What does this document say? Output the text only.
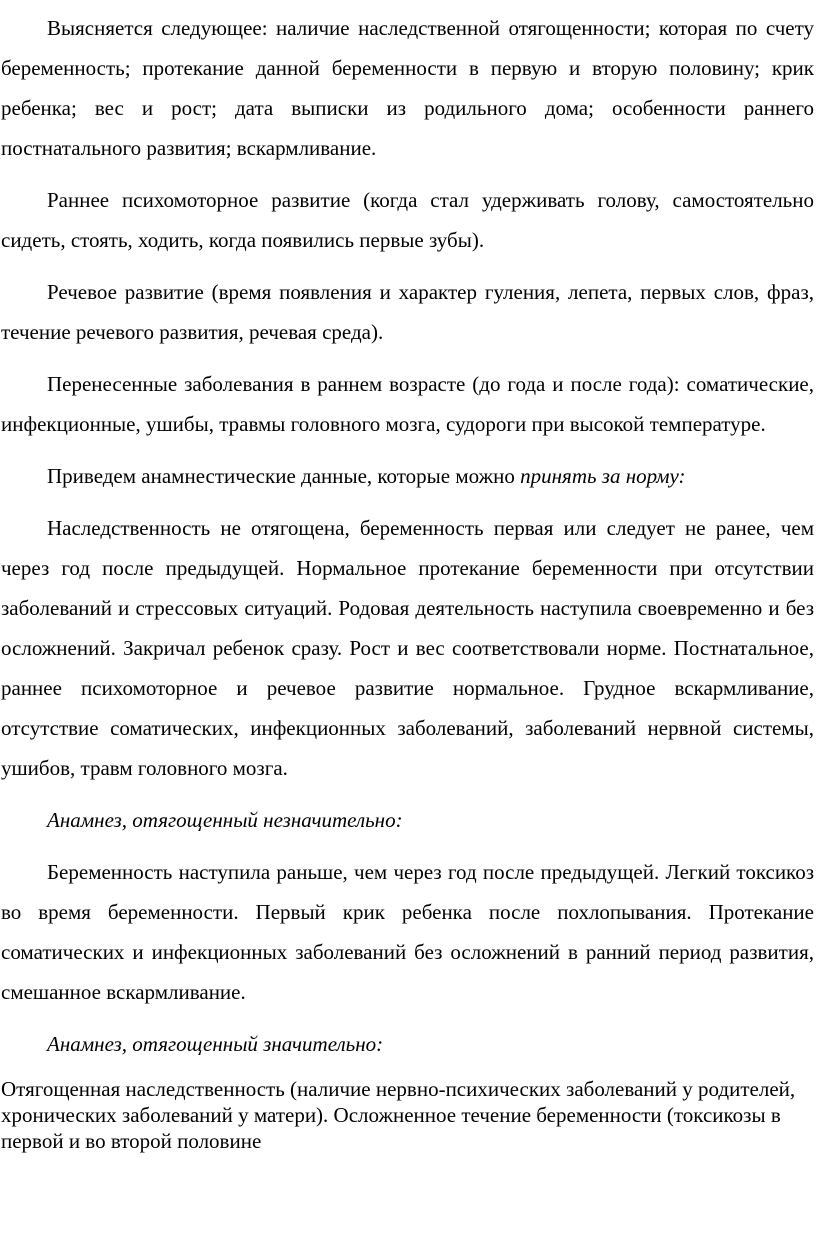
Выясняется следующее: наличие наследственной отягощенности; которая по счету беременность; протекание данной беременности в первую и вторую половину; крик ребенка; вес и рост; дата выписки из родильного дома; особенности раннего постнатального развития; вскармливание.

Раннее психомоторное развитие (когда стал удерживать голову, самостоятельно сидеть, стоять, ходить, когда появились первые зубы).

Речевое развитие (время появления и характер гуления, лепета, первых слов, фраз, течение речевого развития, речевая среда).

Перенесенные заболевания в раннем возрасте (до года и после года): соматические, инфекционные, ушибы, травмы головного мозга, судороги при высокой температуре.

Приведем анамнестические данные, которые можно принять за норму:

Наследственность не отягощена, беременность первая или следует не ранее, чем через год после предыдущей. Нормальное протекание беременности при отсутствии заболеваний и стрессовых ситуаций. Родовая деятельность наступила своевременно и без осложнений. Закричал ребенок сразу. Рост и вес соответствовали норме. Постнатальное, раннее психомоторное и речевое развитие нормальное. Грудное вскармливание, отсутствие соматических, инфекционных заболеваний, заболеваний нервной системы, ушибов, травм головного мозга.

Анамнез, отягощенный незначительно:

Беременность наступила раньше, чем через год после предыдущей. Легкий токсикоз во время беременности. Первый крик ребенка после похлопывания. Протекание соматических и инфекционных заболеваний без осложнений в ранний период развития, смешанное вскармливание.

Анамнез, отягощенный значительно:

Отягощенная наследственность (наличие нервно-психических заболеваний у родителей, хронических заболеваний у матери). Осложненное течение беременности (токсикозы в первой и во второй половине
